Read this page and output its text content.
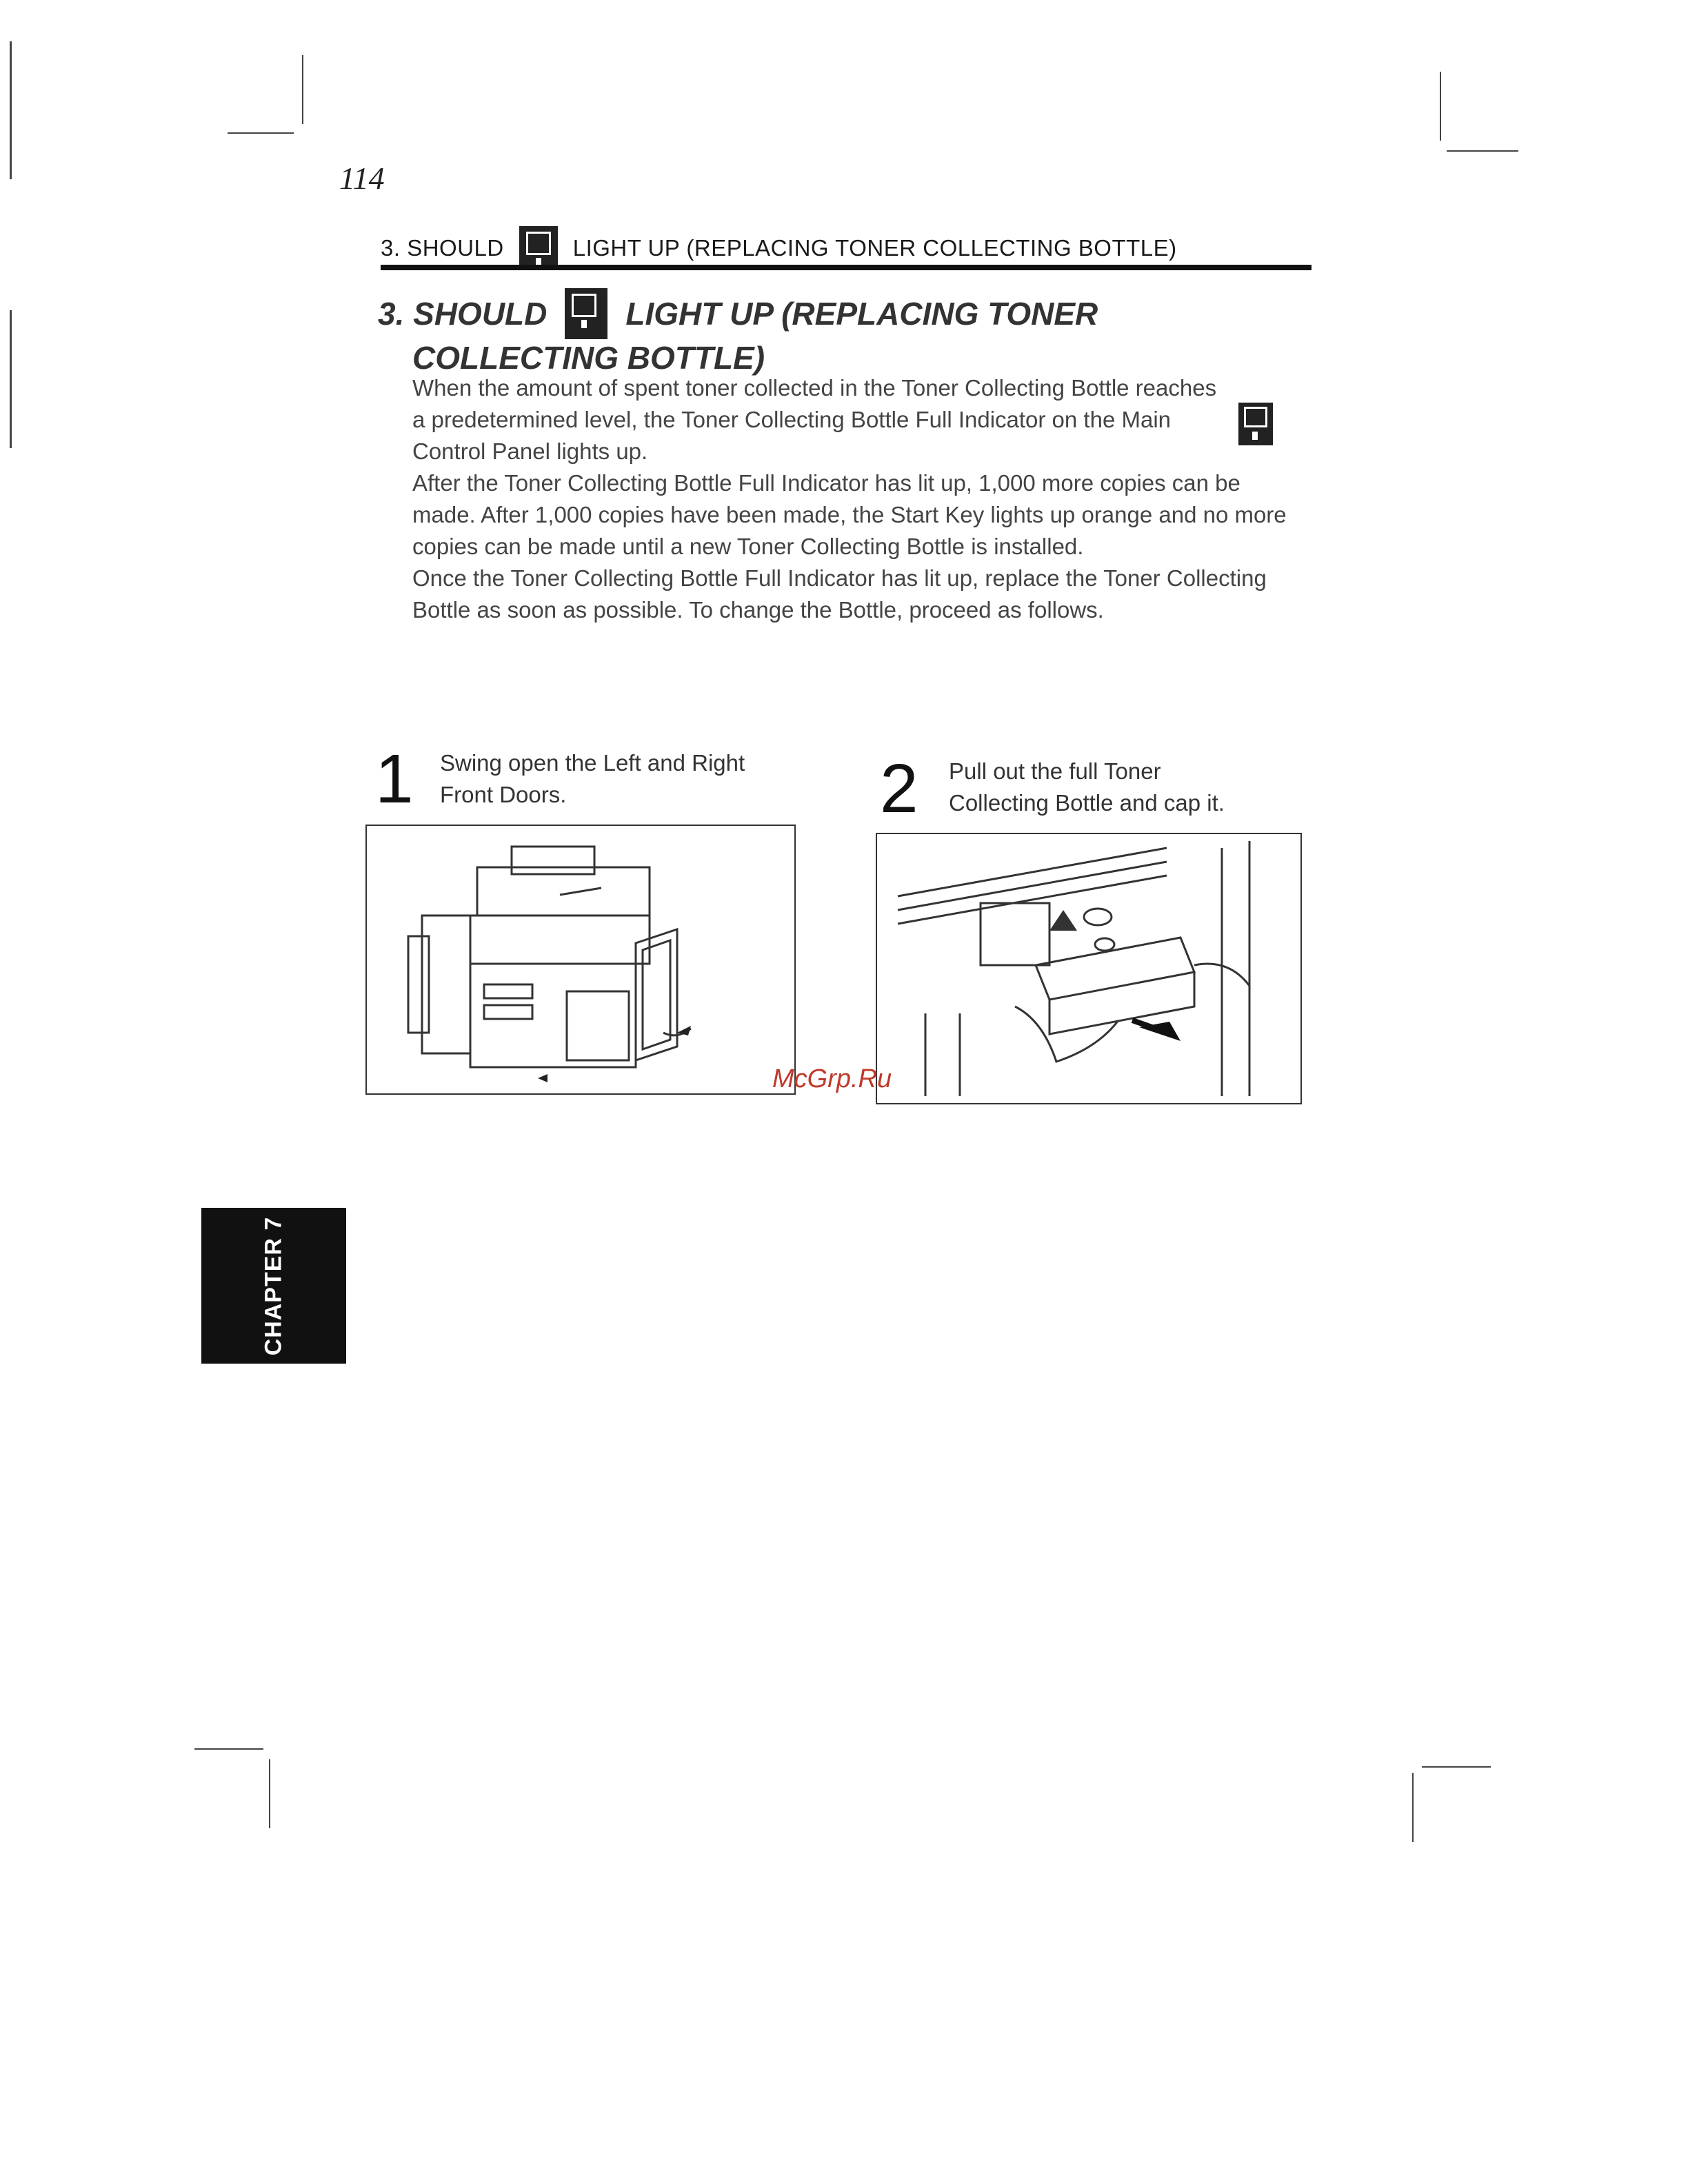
114
3. SHOULD	LIGHT UP (REPLACING TONER COLLECTING BOTTLE)
3. SHOULD LIGHT UP (REPLACING TONER
COLLECTING BOTTLE)

When the amount of spent toner collected in the Toner Collecting Bottle reaches a predetermined level, the Toner Collecting Bottle Full Indicator on the Main Control Panel lights up.

After the Toner Collecting Bottle Full Indicator has lit up, 1,000 more copies can be made. After 1,000 copies have been made, the Start Key lights up orange and no more copies can be made until a new Toner Collecting Bottle is installed.

Once the Toner Collecting Bottle Full Indicator has lit up, replace the Toner Collecting Bottle as soon as possible. To change the Bottle, proceed as follows.

1 Swing open the Left and Right
Front Doors.	2 Pull out the full Toner
Collecting Bottle and cap it.
McGrp.Ru
CHAPTER 7
